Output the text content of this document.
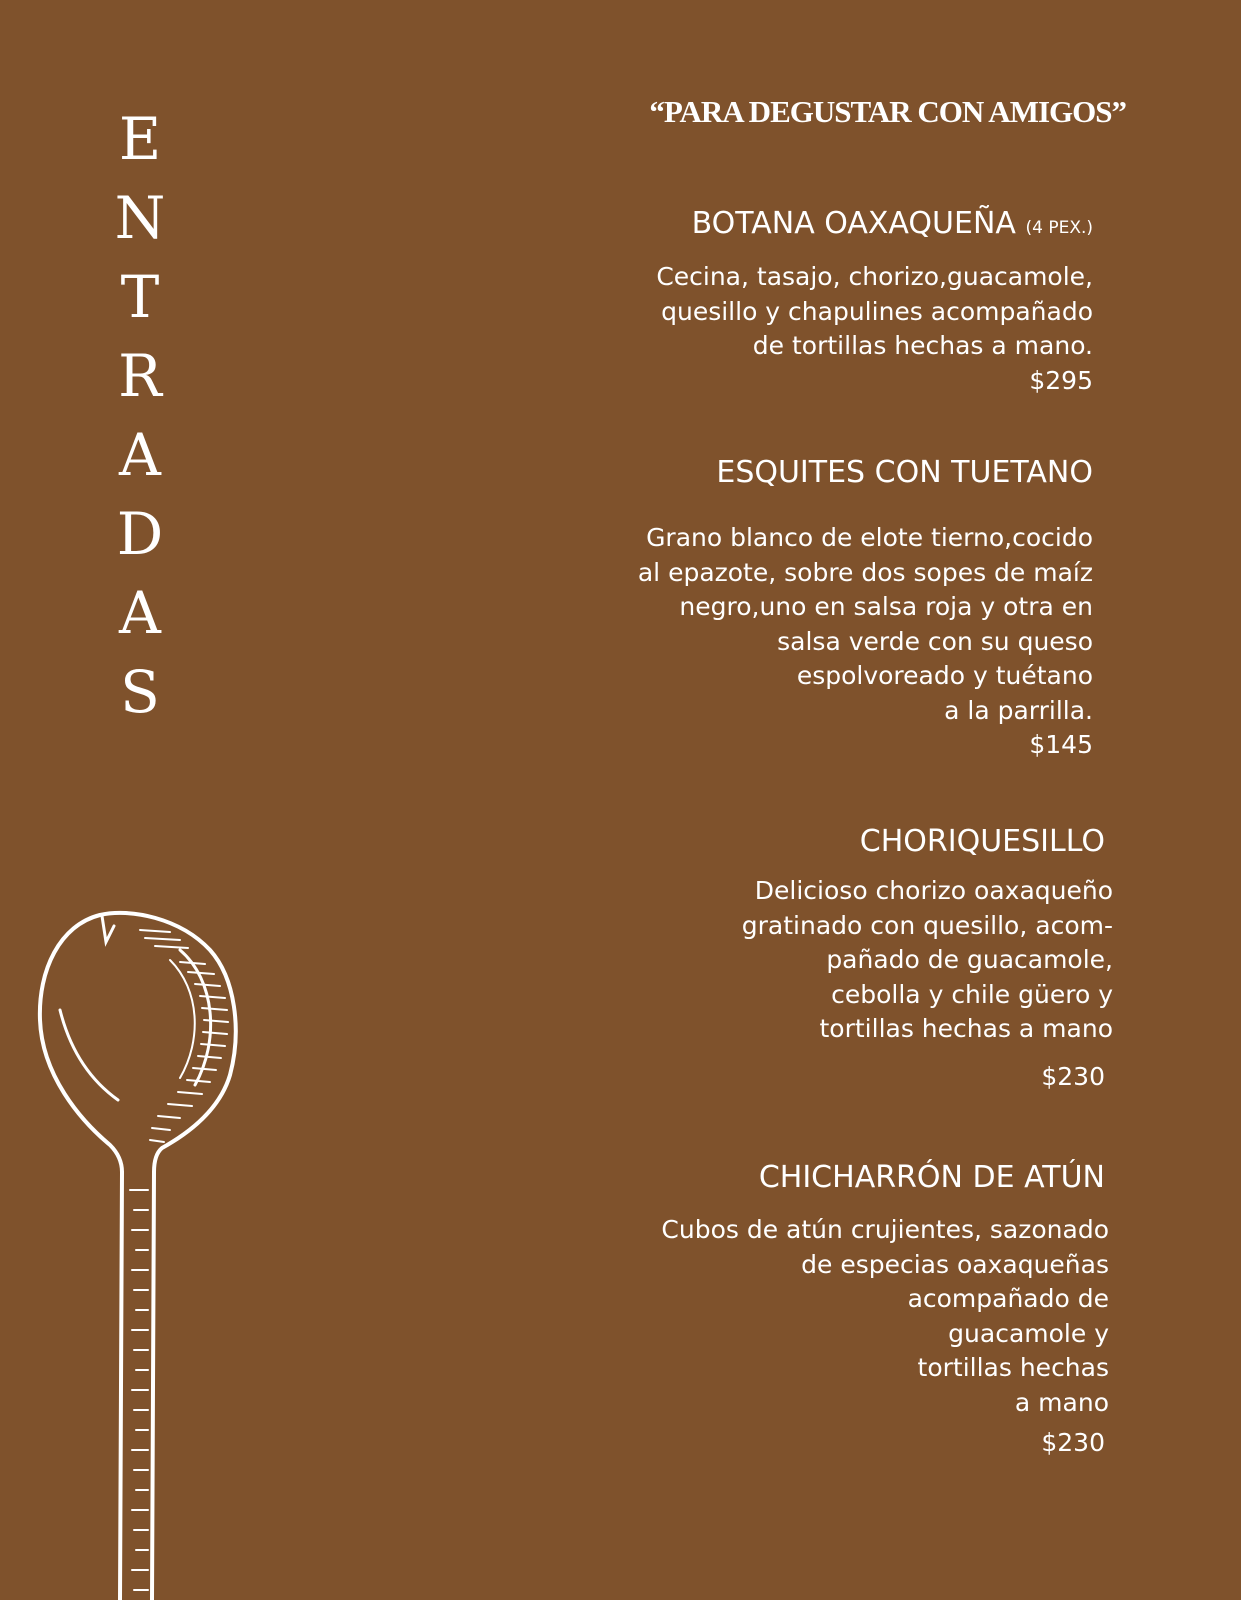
ENTRADAS
“PARA DEGUSTAR CON AMIGOS”
BOTANA OAXAQUEÑA (4 PEX.)
Cecina, tasajo, chorizo,guacamole,
quesillo y chapulines acompañado
de tortillas hechas a mano.
$295
ESQUITES CON TUETANO
Grano blanco de elote tierno,cocido
al epazote, sobre dos sopes de maíz
negro,uno en salsa roja y otra en
salsa verde con su queso
espolvoreado y tuétano
a la parrilla.
$145
CHORIQUESILLO
Delicioso chorizo oaxaqueño
gratinado con quesillo, acom-
pañado de guacamole,
cebolla y chile güero y
tortillas hechas a mano
$230
CHICHARRÓN DE ATÚN
Cubos de atún crujientes, sazonado
de especias oaxaqueñas
acompañado de
guacamole y
tortillas hechas
a mano
$230
